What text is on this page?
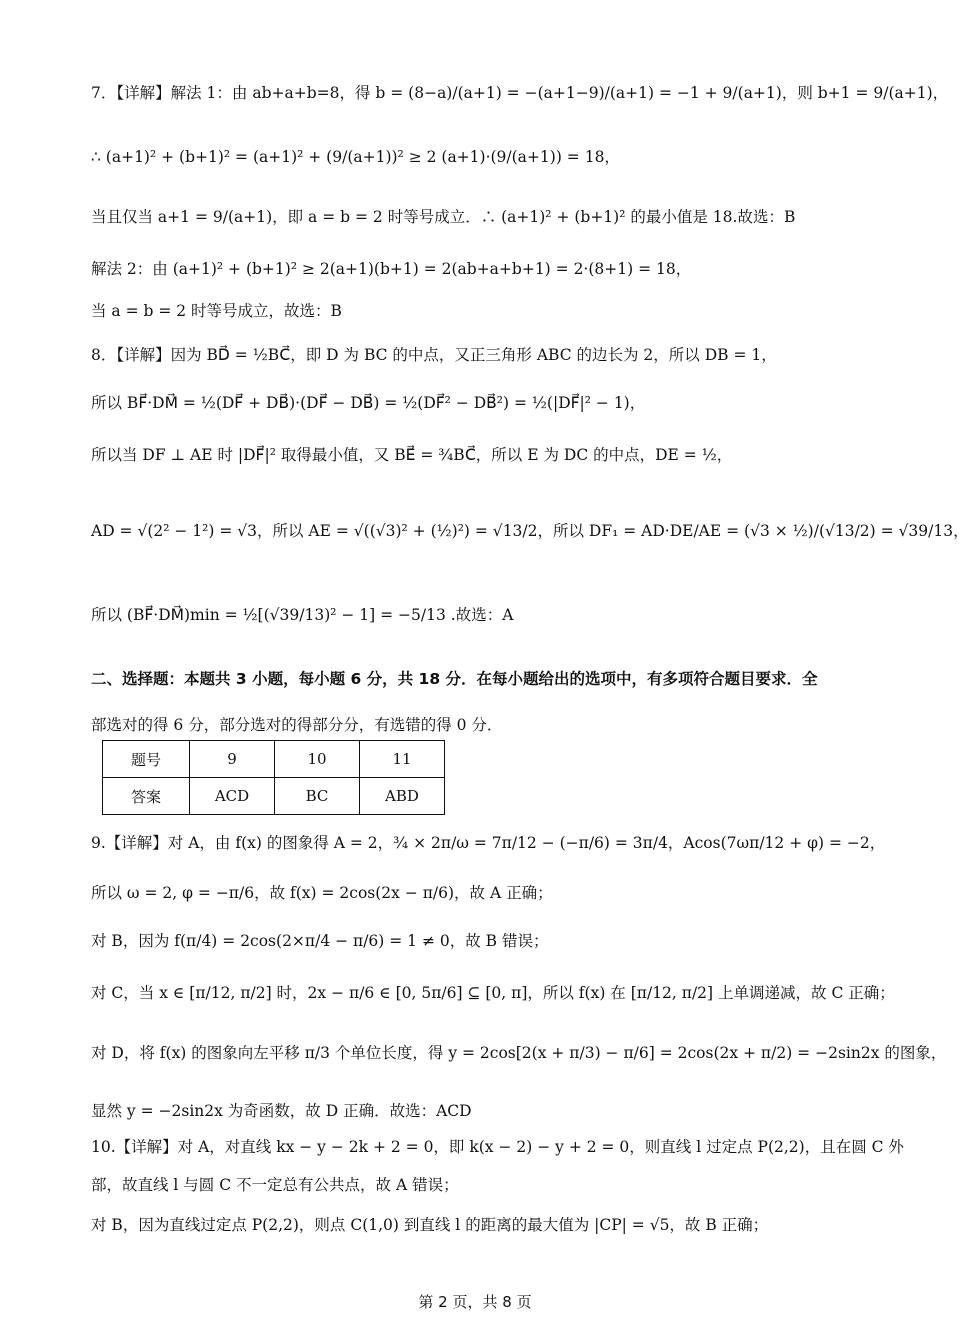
7．【详解】解法 1：由 ab+a+b=8，得 b = (8−a)/(a+1) = −(a+1−9)/(a+1) = −1 + 9/(a+1)，则 b+1 = 9/(a+1)，
∴ (a+1)² + (b+1)² = (a+1)² + (9/(a+1))² ≥ 2 (a+1)·(9/(a+1)) = 18，
当且仅当 a+1 = 9/(a+1)，即 a = b = 2 时等号成立．∴ (a+1)² + (b+1)² 的最小值是 18.故选：B
解法 2：由 (a+1)² + (b+1)² ≥ 2(a+1)(b+1) = 2(ab+a+b+1) = 2·(8+1) = 18，
当 a = b = 2 时等号成立，故选：B
8．【详解】因为 BD⃗ = ½BC⃗，即 D 为 BC 的中点，又正三角形 ABC 的边长为 2，所以 DB = 1，
所以 BF⃗·DM⃗ = ½(DF⃗ + DB⃗)·(DF⃗ − DB⃗) = ½(DF⃗² − DB⃗²) = ½(|DF⃗|² − 1)，
所以当 DF ⊥ AE 时 |DF⃗|² 取得最小值，又 BE⃗ = ¾BC⃗，所以 E 为 DC 的中点，DE = ½，
AD = √(2² − 1²) = √3，所以 AE = √((√3)² + (½)²) = √13/2，所以 DF₁ = AD·DE/AE = (√3 × ½)/(√13/2) = √39/13，
所以 (BF⃗·DM⃗)min = ½[(√39/13)² − 1] = −5/13 .故选：A
二、选择题：本题共 3 小题，每小题 6 分，共 18 分．在每小题给出的选项中，有多项符合题目要求．全
部选对的得 6 分，部分选对的得部分分，有选错的得 0 分．
题号	9	10	11
答案	ACD	BC	ABD
9.【详解】对 A，由 f(x) 的图象得 A = 2，¾ × 2π/ω = 7π/12 − (−π/6) = 3π/4，Acos(7ωπ/12 + φ) = −2，
所以 ω = 2, φ = −π/6，故 f(x) = 2cos(2x − π/6)，故 A 正确；
对 B，因为 f(π/4) = 2cos(2×π/4 − π/6) = 1 ≠ 0，故 B 错误；
对 C，当 x ∈ [π/12, π/2] 时，2x − π/6 ∈ [0, 5π/6] ⊆ [0, π]，所以 f(x) 在 [π/12, π/2] 上单调递减，故 C 正确；
对 D，将 f(x) 的图象向左平移 π/3 个单位长度，得 y = 2cos[2(x + π/3) − π/6] = 2cos(2x + π/2) = −2sin2x 的图象，
显然 y = −2sin2x 为奇函数，故 D 正确．故选：ACD
10.【详解】对 A，对直线 kx − y − 2k + 2 = 0，即 k(x − 2) − y + 2 = 0，则直线 l 过定点 P(2,2)，且在圆 C 外
部，故直线 l 与圆 C 不一定总有公共点，故 A 错误；
对 B，因为直线过定点 P(2,2)，则点 C(1,0) 到直线 l 的距离的最大值为 |CP| = √5，故 B 正确；
第 2 页，共 8 页
